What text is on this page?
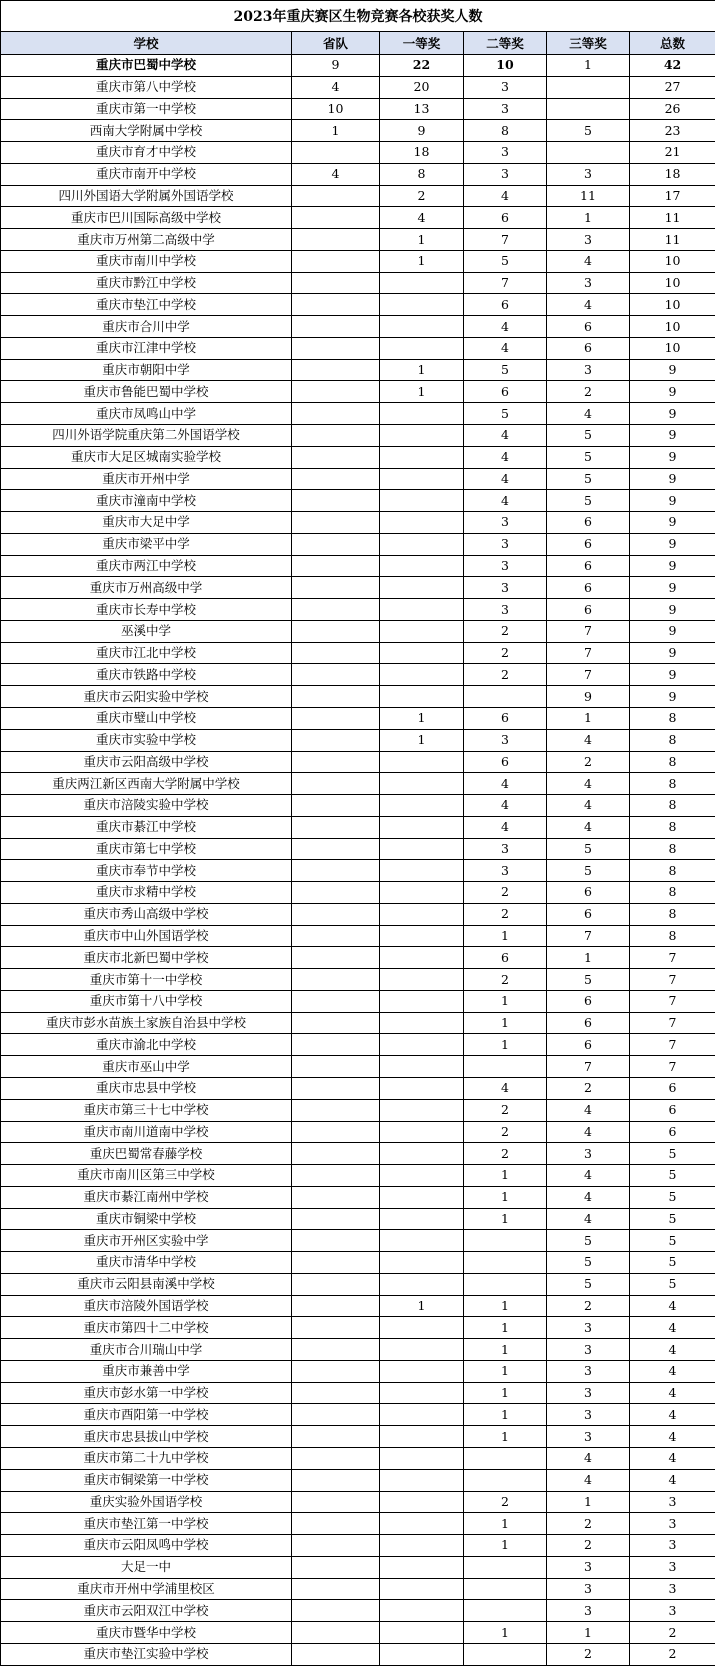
2023年重庆赛区生物竞赛各校获奖人数					
学校	省队	一等奖	二等奖	三等奖	总数
重庆市巴蜀中学校	9	22	10	1	42
重庆市第八中学校	4	20	3		27
重庆市第一中学校	10	13	3		26
西南大学附属中学校	1	9	8	5	23
重庆市育才中学校		18	3		21
重庆市南开中学校	4	8	3	3	18
四川外国语大学附属外国语学校		2	4	11	17
重庆市巴川国际高级中学校		4	6	1	11
重庆市万州第二高级中学		1	7	3	11
重庆市南川中学校		1	5	4	10
重庆市黔江中学校			7	3	10
重庆市垫江中学校			6	4	10
重庆市合川中学			4	6	10
重庆市江津中学校			4	6	10
重庆市朝阳中学		1	5	3	9
重庆市鲁能巴蜀中学校		1	6	2	9
重庆市凤鸣山中学			5	4	9
四川外语学院重庆第二外国语学校			4	5	9
重庆市大足区城南实验学校			4	5	9
重庆市开州中学			4	5	9
重庆市潼南中学校			4	5	9
重庆市大足中学			3	6	9
重庆市梁平中学			3	6	9
重庆市两江中学校			3	6	9
重庆市万州高级中学			3	6	9
重庆市长寿中学校			3	6	9
巫溪中学			2	7	9
重庆市江北中学校			2	7	9
重庆市铁路中学校			2	7	9
重庆市云阳实验中学校				9	9
重庆市璧山中学校		1	6	1	8
重庆市实验中学校		1	3	4	8
重庆市云阳高级中学校			6	2	8
重庆两江新区西南大学附属中学校			4	4	8
重庆市涪陵实验中学校			4	4	8
重庆市綦江中学校			4	4	8
重庆市第七中学校			3	5	8
重庆市奉节中学校			3	5	8
重庆市求精中学校			2	6	8
重庆市秀山高级中学校			2	6	8
重庆市中山外国语学校			1	7	8
重庆市北新巴蜀中学校			6	1	7
重庆市第十一中学校			2	5	7
重庆市第十八中学校			1	6	7
重庆市彭水苗族土家族自治县中学校			1	6	7
重庆市渝北中学校			1	6	7
重庆市巫山中学				7	7
重庆市忠县中学校			4	2	6
重庆市第三十七中学校			2	4	6
重庆市南川道南中学校			2	4	6
重庆巴蜀常春藤学校			2	3	5
重庆市南川区第三中学校			1	4	5
重庆市綦江南州中学校			1	4	5
重庆市铜梁中学校			1	4	5
重庆市开州区实验中学				5	5
重庆市清华中学校				5	5
重庆市云阳县南溪中学校				5	5
重庆市涪陵外国语学校		1	1	2	4
重庆市第四十二中学校			1	3	4
重庆市合川瑞山中学			1	3	4
重庆市兼善中学			1	3	4
重庆市彭水第一中学校			1	3	4
重庆市酉阳第一中学校			1	3	4
重庆市忠县拔山中学校			1	3	4
重庆市第二十九中学校				4	4
重庆市铜梁第一中学校				4	4
重庆实验外国语学校			2	1	3
重庆市垫江第一中学校			1	2	3
重庆市云阳凤鸣中学校			1	2	3
大足一中				3	3
重庆市开州中学浦里校区				3	3
重庆市云阳双江中学校				3	3
重庆市暨华中学校			1	1	2
重庆市垫江实验中学校				2	2
